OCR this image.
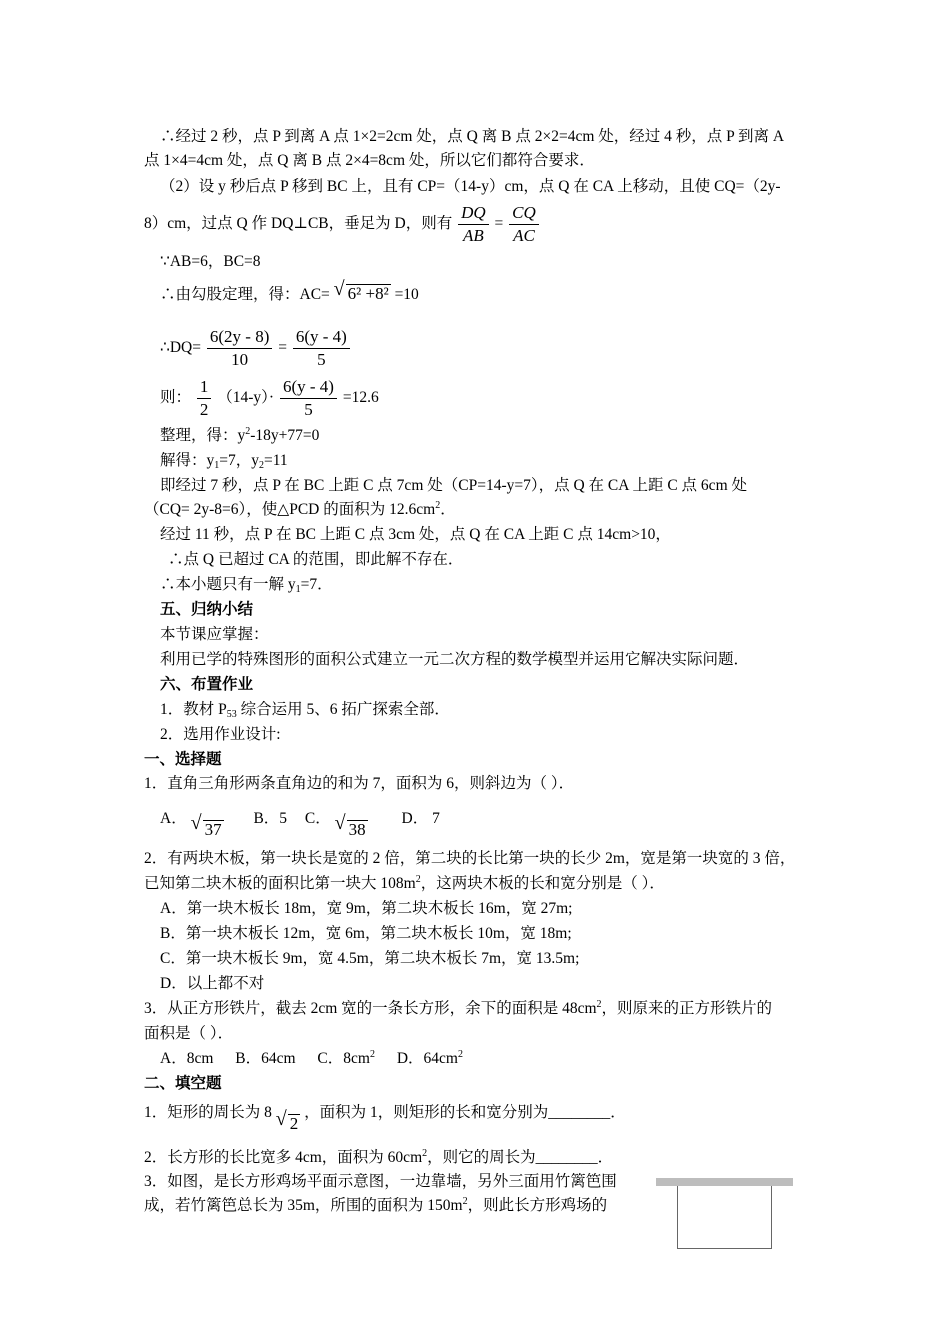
∴经过 2 秒，点 P 到离 A 点 1×2=2cm 处，点 Q 离 B 点 2×2=4cm 处，经过 4 秒，点 P 到离 A
点 1×4=4cm 处，点 Q 离 B 点 2×4=8cm 处，所以它们都符合要求．
（2）设 y 秒后点 P 移到 BC 上，且有 CP=（14-y）cm，点 Q 在 CA 上移动，且使 CQ=（2y-
8）cm，过点 Q 作 DQ⊥CB，垂足为 D，则有 $\frac{DQ}{AB} = \frac{CQ}{AC}$
∵AB=6，BC=8
∴由勾股定理，得：AC= √ 6² +8² =10
∴DQ= $\frac{6(2y - 8)}{10} = \frac{6(y - 4)}{5}$
则： $\frac{1}{2} (14-y)\cdot \frac{6(y - 4)}{5} =12.6$
整理，得：$y^2-18y+77=0$
解得：$y_1=7$，$y_2=11$
即经过 7 秒，点 P 在 BC 上距 C 点 7cm 处（CP=14-y=7），点 Q 在 CA 上距 C 点 6cm 处
（CQ= 2y-8=6），使△PCD 的面积为 $12.6cm^2$．
经过 11 秒，点 P 在 BC 上距 C 点 3cm 处，点 Q 在 CA 上距 C 点 14cm>10，
∴点 Q 已超过 CA 的范围，即此解不存在．
∴本小题只有一解 $y_1=7$．
五、归纳小结
本节课应掌握：
利用已学的特殊图形的面积公式建立一元二次方程的数学模型并运用它解决实际问题．
六、布置作业
1．教材 $P_{53}$ 综合运用 5、6 拓广探索全部．
2．选用作业设计:
一、选择题
1．直角三角形两条直角边的和为 7，面积为 6，则斜边为（ ）．
A． √ 37 B．5 C． √ 38 D． 7
2．有两块木板，第一块长是宽的 2 倍，第二块的长比第一块的长少 2m，宽是第一块宽的 3 倍，
已知第二块木板的面积比第一块大 $108m^2$，这两块木板的长和宽分别是（ ）．
A．第一块木板长 18m，宽 9m，第二块木板长 16m，宽 27m;
B．第一块木板长 12m，宽 6m，第二块木板长 10m，宽 18m;
C．第一块木板长 9m，宽 4.5m，第二块木板长 7m，宽 13.5m;
D．以上都不对
3．从正方形铁片，截去 2cm 宽的一条长方形，余下的面积是 $48cm^2$，则原来的正方形铁片的
面积是（ ）．
A．8cm B．64cm C．$8cm^2$ D．$64cm^2$
二、填空题
1．矩形的周长为 8 √ 2 ，面积为 1，则矩形的长和宽分别为________．
2．长方形的长比宽多 4cm，面积为 $60cm^2$，则它的周长为________．
3．如图，是长方形鸡场平面示意图，一边靠墙，另外三面用竹篱笆围
成，若竹篱笆总长为 35m，所围的面积为 $150m^2$，则此长方形鸡场的
